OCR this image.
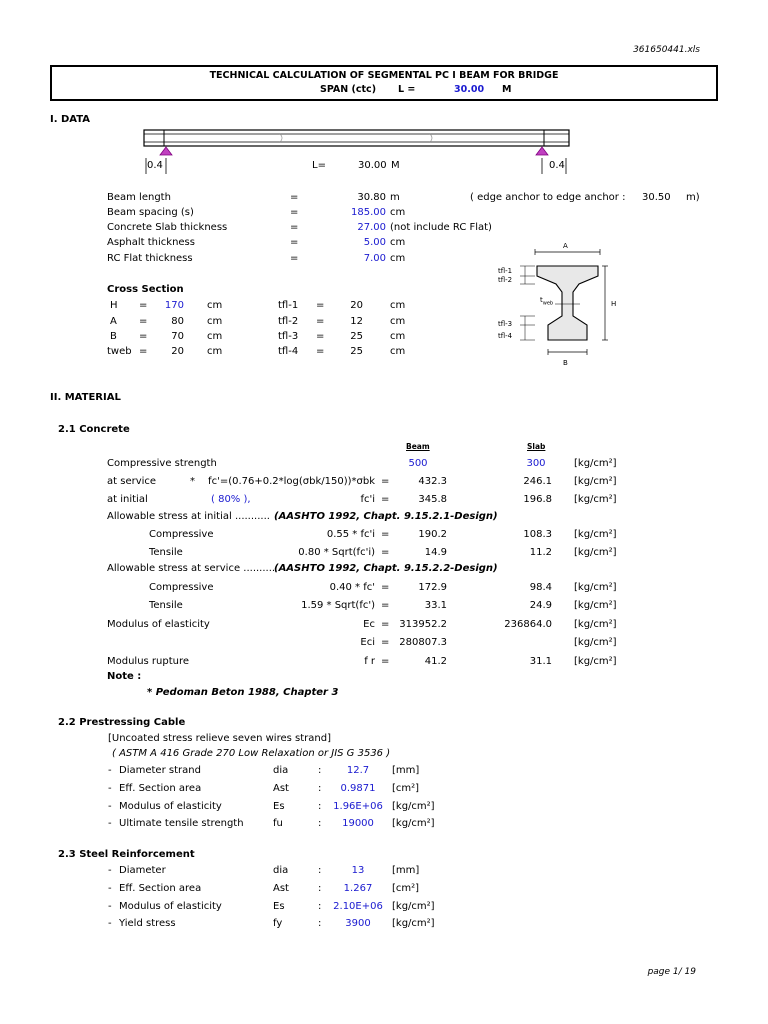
361650441.xls
TECHNICAL CALCULATION OF SEGMENTAL PC I BEAM FOR BRIDGE
SPAN (ctc) L =	30.00 M
I. DATA
0.4	L=	30.00 M	0.4
Beam length	=	30.80 m
Beam spacing (s)	=	185.00 cm
Concrete Slab thickness	=	27.00 (not include RC Flat)
Asphalt thickness	=	5.00 cm
RC Flat thickness	=	7.00 cm
( edge anchor to edge anchor : 30.50 m)
Cross Section
H =	170 cm	tfl-1 =	20	cm
A =	80 cm	tfl-2 =	12	cm
B =	70 cm	tfl-3 =	25	cm
tweb =	20 cm	tfl-4 =	25	cm
A
B
H
tfl-1
tfl-2
tfl-3
tfl-4
$t_{web}$
II. MATERIAL
2.1 Concrete
Beam	Slab
Compressive strength	500	300	[kg/cm²]
at service	*	fc'=(0.76+0.2*log(σbk/150))*σbk =	432.3	246.1 [kg/cm²]
at initial	( 80% ),	fc'i =	345.8	196.8 [kg/cm²]
Allowable stress at initial ........... (AASHTO 1992, Chapt. 9.15.2.1-Design)
Compressive	0.55 * fc'i =	190.2	108.3 [kg/cm²]
Tensile	0.80 * Sqrt(fc'i) =	14.9	11.2 [kg/cm²]
Allowable stress at service ..........
(AASHTO 1992, Chapt. 9.15.2.2-Design)
Compressive	0.40 * fc' =	172.9	98.4 [kg/cm²]
Tensile	1.59 * Sqrt(fc') =	33.1	24.9 [kg/cm²]
Modulus of elasticity	Ec = 313952.2	236864.0 [kg/cm²]
Eci = 280807.3	[kg/cm²]
Modulus rupture	f r =	41.2	31.1 [kg/cm²]
Note :
* Pedoman Beton 1988, Chapter 3
2.2 Prestressing Cable
[Uncoated stress relieve seven wires strand]
( ASTM A 416 Grade 270 Low Relaxation or JIS G 3536 )
- Diameter strand	dia	:	12.7	[mm]
- Eff. Section area	Ast	:	0.9871	[cm²]
- Modulus of elasticity	Es	:	1.96E+06 [kg/cm²]
- Ultimate tensile strength	fu	:	19000	[kg/cm²]
2.3 Steel Reinforcement
- Diameter	dia	:	13	[mm]
- Eff. Section area	Ast	:	1.267	[cm²]
- Modulus of elasticity	Es	:	2.10E+06 [kg/cm²]
- Yield stress	fy	:	3900	[kg/cm²]
page 1/ 19
